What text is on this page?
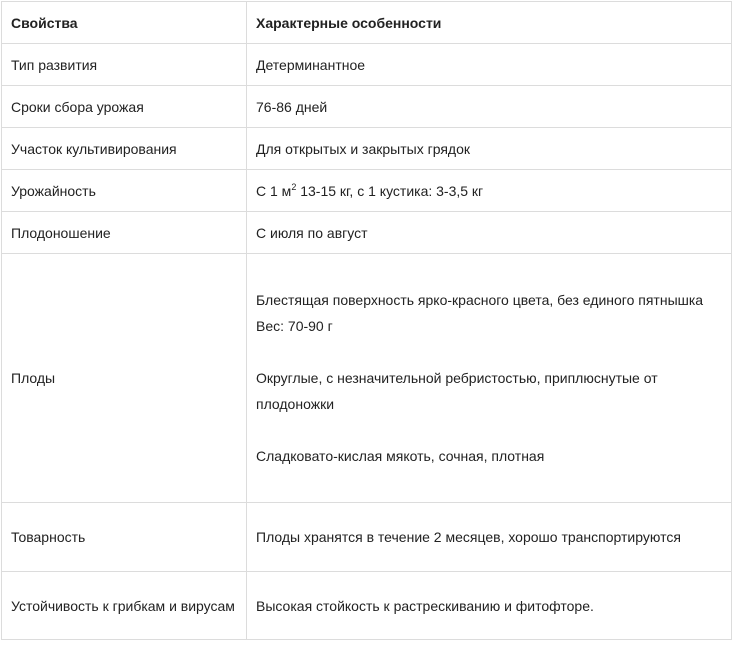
Свойства	Характерные особенности
Тип развития	Детерминантное
Сроки сбора урожая	76-86 дней
Участок культивирования	Для открытых и закрытых грядок
Урожайность	С 1 $м^2$ 13-15 кг, с 1 кустика: 3-3,5 кг
Плодоношение	С июля по август
Плоды	Блестящая поверхность ярко-красного цвета, без единого пятнышка
Вес: 70-90 г
Округлые, с незначительной ребристостью, приплюснутые от плодоножки
Сладковато-кислая мякоть, сочная, плотная

Товарность	Плоды хранятся в течение 2 месяцев, хорошо транспортируются
Устойчивость к грибкам и вирусам	Высокая стойкость к растрескиванию и фитофторе.
